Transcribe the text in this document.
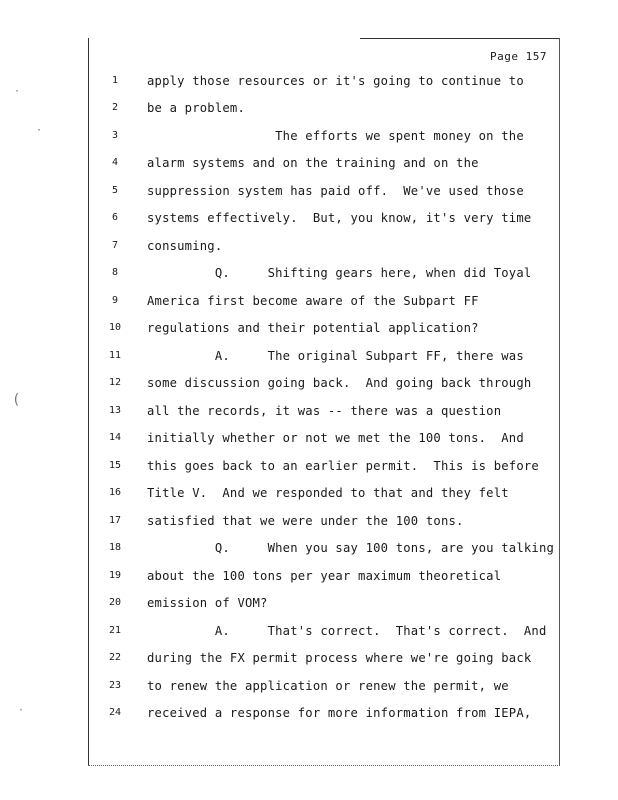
Page 157
·
·
(
·
1	apply those resources or it's going to continue to
2	be a problem.
3	The efforts we spent money on the
4	alarm systems and on the training and on the
5	suppression system has paid off.  We've used those
6	systems effectively.  But, you know, it's very time
7	consuming.
8	Q.     Shifting gears here, when did Toyal
9	America first become aware of the Subpart FF
10	regulations and their potential application?
11	A.     The original Subpart FF, there was
12	some discussion going back.  And going back through
13	all the records, it was -- there was a question
14	initially whether or not we met the 100 tons.  And
15	this goes back to an earlier permit.  This is before
16	Title V.  And we responded to that and they felt
17	satisfied that we were under the 100 tons.
18	Q.     When you say 100 tons, are you talking
19	about the 100 tons per year maximum theoretical
20	emission of VOM?
21	A.     That's correct.  That's correct.  And
22	during the FX permit process where we're going back
23	to renew the application or renew the permit, we
24	received a response for more information from IEPA,
